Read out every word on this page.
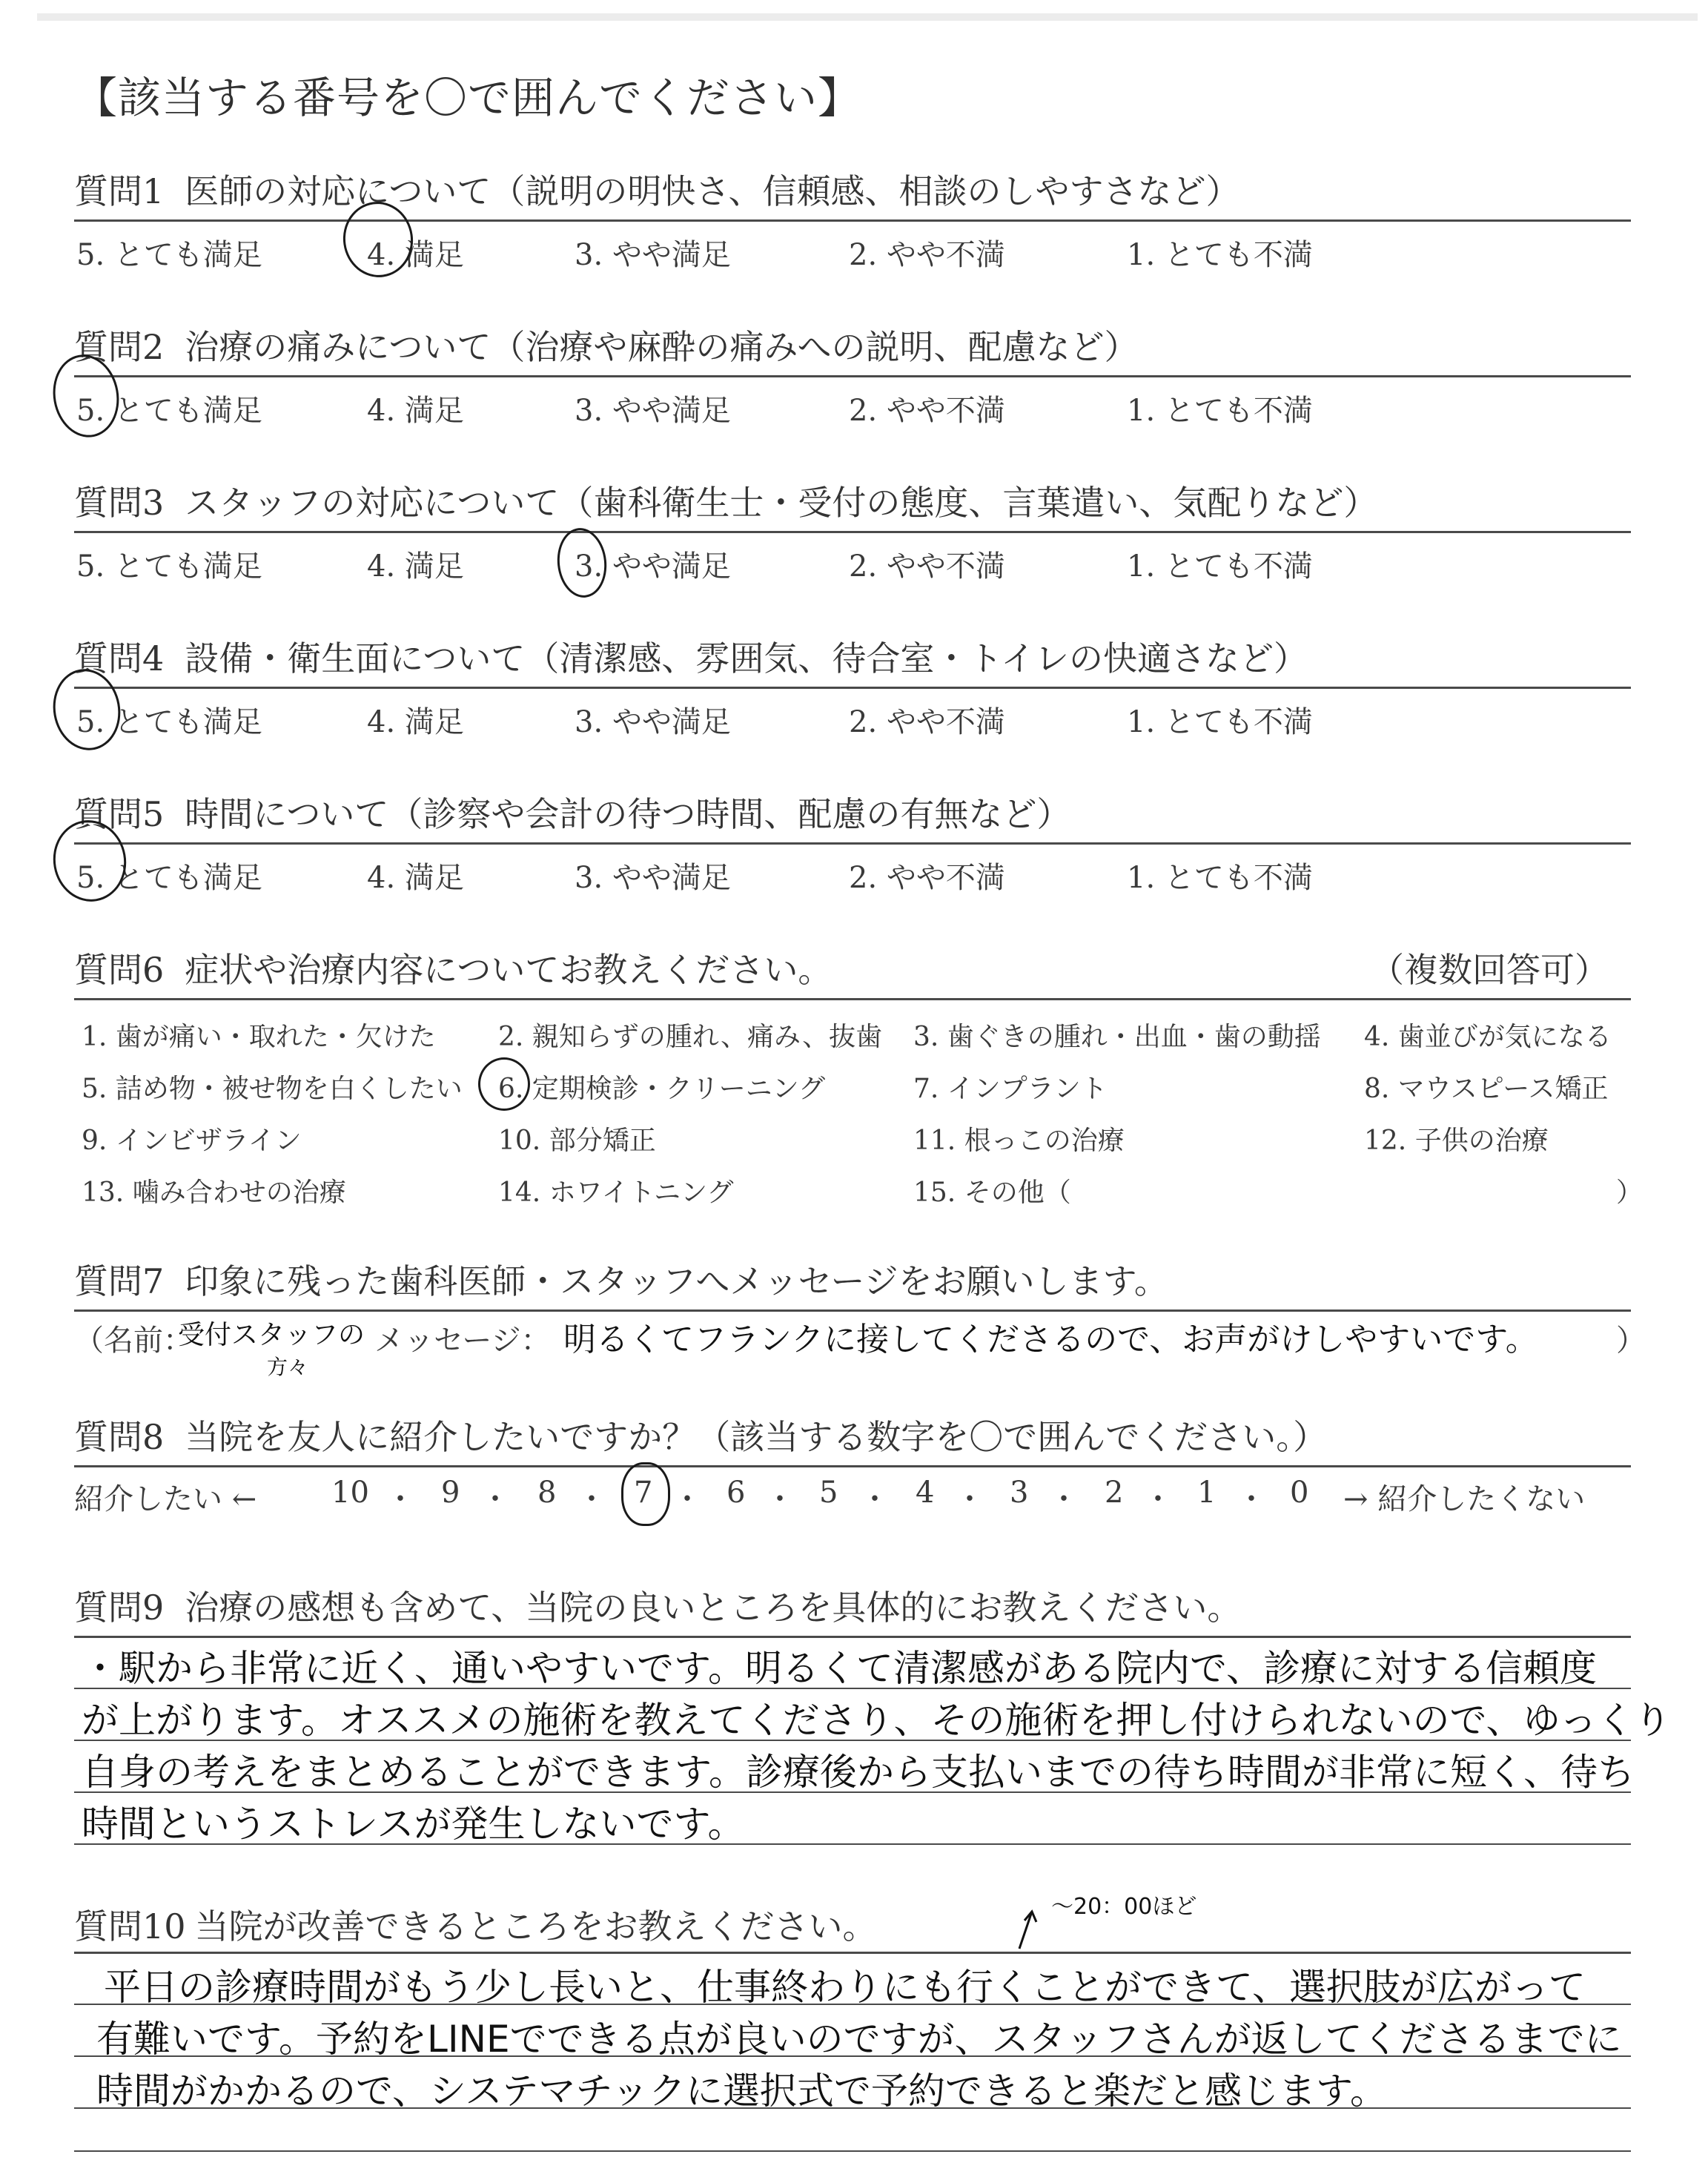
【該当する番号を〇で囲んでください】
質問1 医師の対応について（説明の明快さ、信頼感、相談のしやすさなど）
5. とても満足	4. 満足	3. やや満足	2. やや不満	1. とても不満
質問2 治療の痛みについて（治療や麻酔の痛みへの説明、配慮など）
5. とても満足	4. 満足	3. やや満足	2. やや不満	1. とても不満
質問3 スタッフの対応について（歯科衛生士・受付の態度、言葉遣い、気配りなど）
5. とても満足	4. 満足	3. やや満足	2. やや不満	1. とても不満
質問4 設備・衛生面について（清潔感、雰囲気、待合室・トイレの快適さなど）
5. とても満足	4. 満足	3. やや満足	2. やや不満	1. とても不満
質問5 時間について（診察や会計の待つ時間、配慮の有無など）
5. とても満足	4. 満足	3. やや満足	2. やや不満	1. とても不満
質問6 症状や治療内容についてお教えください。	（複数回答可）
1. 歯が痛い・取れた・欠けた 2. 親知らずの腫れ、痛み、抜歯 3. 歯ぐきの腫れ・出血・歯の動揺 4. 歯並びが気になる
5. 詰め物・被せ物を白くしたい 6. 定期検診・クリーニング	7. インプラント	8. マウスピース矯正
9. インビザライン	10. 部分矯正	11. 根っこの治療	12. 子供の治療
13. 噛み合わせの治療	14. ホワイトニング	15. その他（	）
質問7 印象に残った歯科医師・スタッフへメッセージをお願いします。
（名前：
受付スタッフの
方々
メッセージ： 明るくてフランクに接してくださるので、お声がけしやすいです。	）
質問8 当院を友人に紹介したいですか？（該当する数字を〇で囲んでください。）
紹介したい ←	10 9	8	7 6 5	4	3	2 1 0
・ ・ ・ ・ ・ ・ ・ ・ ・ ・	→ 紹介したくない
質問9 治療の感想も含めて、当院の良いところを具体的にお教えください。
・駅から非常に近く、通いやすいです。明るくて清潔感がある院内で、診療に対する信頼度
が上がります。オススメの施術を教えてくださり、その施術を押し付けられないので、ゆっくり
自身の考えをまとめることができます。診療後から支払いまでの待ち時間が非常に短く、待ち
時間というストレスが発生しないです。
質問10 当院が改善できるところをお教えください。	～20：00ほど
平日の診療時間がもう少し長いと、仕事終わりにも行くことができて、選択肢が広がって
有難いです。予約をLINEでできる点が良いのですが、スタッフさんが返してくださるまでに
時間がかかるので、システマチックに選択式で予約できると楽だと感じます。
